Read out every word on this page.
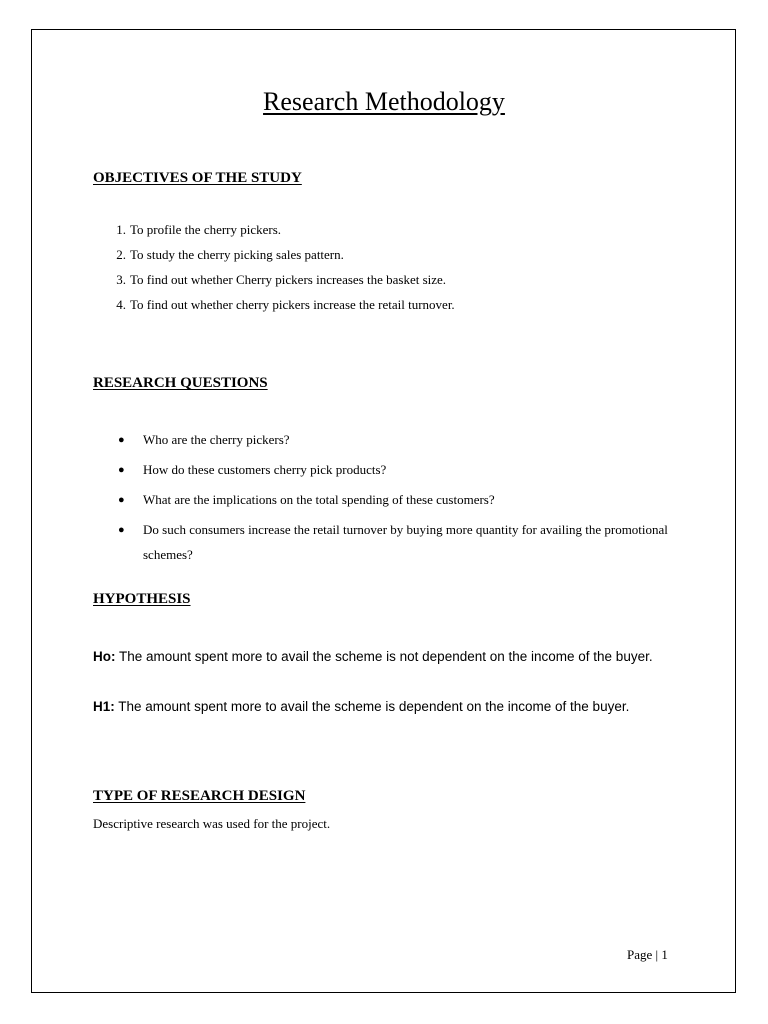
Research Methodology
OBJECTIVES OF THE STUDY
1. To profile the cherry pickers.
2. To study the cherry picking sales pattern.
3. To find out whether Cherry pickers increases the basket size.
4. To find out whether cherry pickers increase the retail turnover.
RESEARCH QUESTIONS
●	Who are the cherry pickers?
●	How do these customers cherry pick products?
●	What are the implications on the total spending of these customers?
●	Do such consumers increase the retail turnover by buying more quantity for availing the promotional schemes?
HYPOTHESIS

Ho: The amount spent more to avail the scheme is not dependent on the income of the buyer.

H1: The amount spent more to avail the scheme is dependent on the income of the buyer.

TYPE OF RESEARCH DESIGN
Descriptive research was used for the project.
Page | 1
